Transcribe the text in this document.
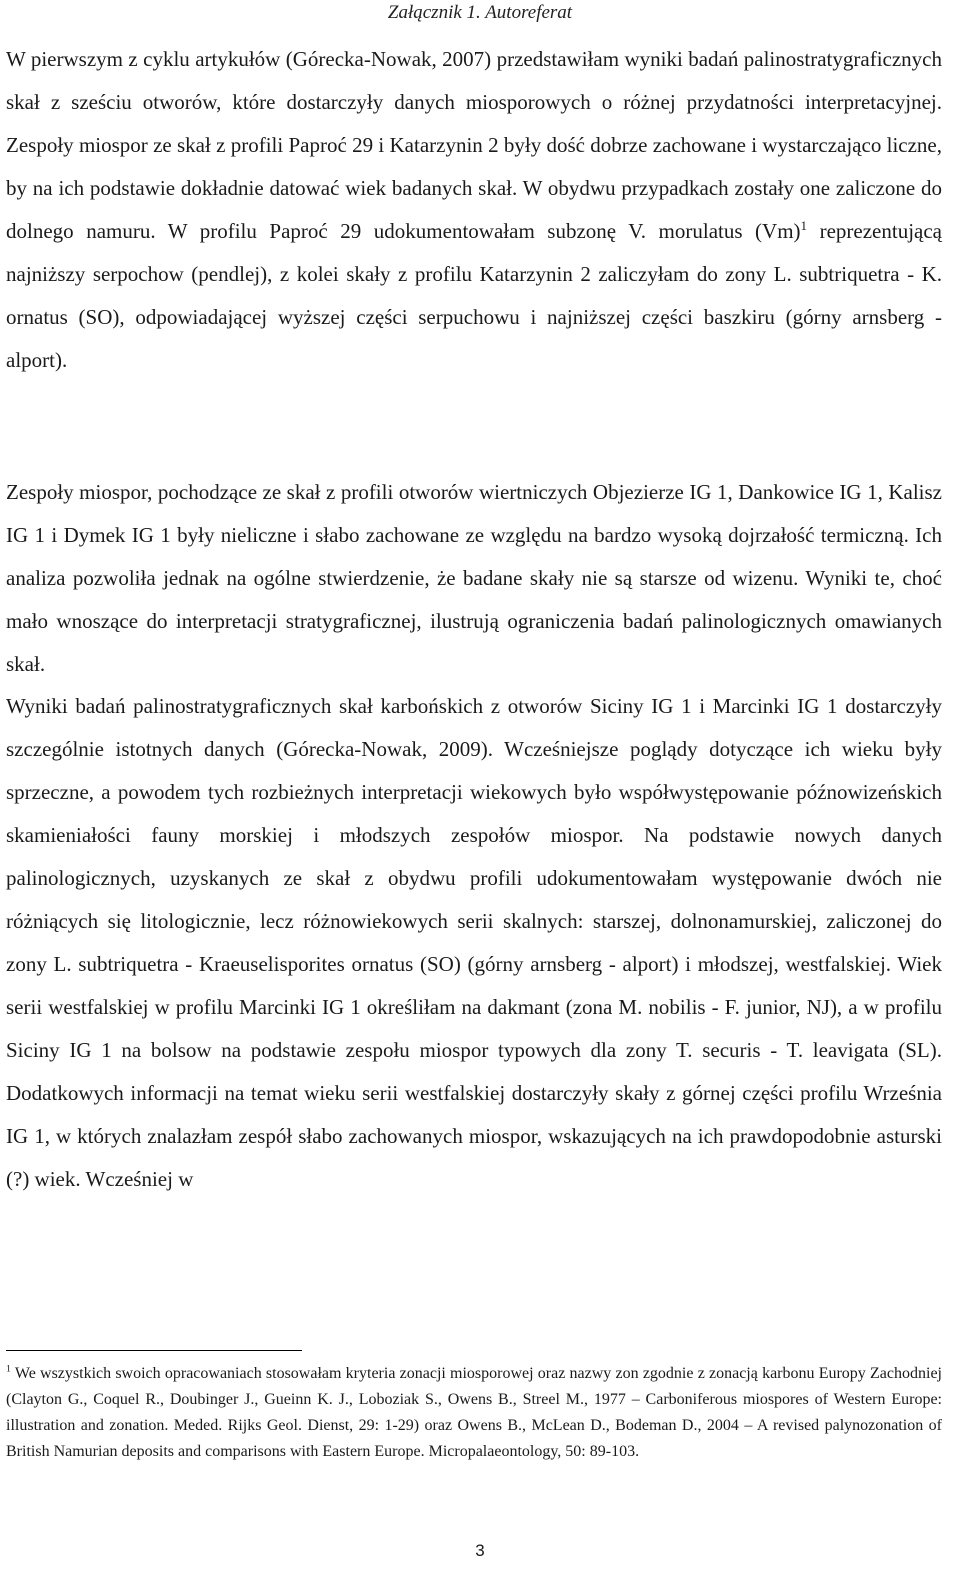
Załącznik 1. Autoreferat

W pierwszym z cyklu artykułów (Górecka-Nowak, 2007) przedstawiłam wyniki badań palinostratygraficznych skał z sześciu otworów, które dostarczyły danych miosporowych o różnej przydatności interpretacyjnej. Zespoły miospor ze skał z profili Paproć 29 i Katarzynin 2 były dość dobrze zachowane i wystarczająco liczne, by na ich podstawie dokładnie datować wiek badanych skał. W obydwu przypadkach zostały one zaliczone do dolnego namuru. W profilu Paproć 29 udokumentowałam subzonę V. morulatus $(Vm)^1$ reprezentującą najniższy serpochow (pendlej), z kolei skały z profilu Katarzynin 2 zaliczyłam do zony L. subtriquetra - K. ornatus (SO), odpowiadającej wyższej części serpuchowu i najniższej części baszkiru (górny arnsberg - alport).

Zespoły miospor, pochodzące ze skał z profili otworów wiertniczych Objezierze IG 1, Dankowice IG 1, Kalisz IG 1 i Dymek IG 1 były nieliczne i słabo zachowane ze względu na bardzo wysoką dojrzałość termiczną. Ich analiza pozwoliła jednak na ogólne stwierdzenie, że badane skały nie są starsze od wizenu. Wyniki te, choć mało wnoszące do interpretacji stratygraficznej, ilustrują ograniczenia badań palinologicznych omawianych skał.

Wyniki badań palinostratygraficznych skał karbońskich z otworów Siciny IG 1 i Marcinki IG 1 dostarczyły szczególnie istotnych danych (Górecka-Nowak, 2009). Wcześniejsze poglądy dotyczące ich wieku były sprzeczne, a powodem tych rozbieżnych interpretacji wiekowych było współwystępowanie późnowizeńskich skamieniałości fauny morskiej i młodszych zespołów miospor. Na podstawie nowych danych palinologicznych, uzyskanych ze skał z obydwu profili udokumentowałam występowanie dwóch nie różniących się litologicznie, lecz różnowiekowych serii skalnych: starszej, dolnonamurskiej, zaliczonej do zony L. subtriquetra - Kraeuselisporites ornatus (SO) (górny arnsberg - alport) i młodszej, westfalskiej. Wiek serii westfalskiej w profilu Marcinki IG 1 określiłam na dakmant (zona M. nobilis - F. junior, NJ), a w profilu Siciny IG 1 na bolsow na podstawie zespołu miospor typowych dla zony T. securis - T. leavigata (SL). Dodatkowych informacji na temat wieku serii westfalskiej dostarczyły skały z górnej części profilu Września IG 1, w których znalazłam zespół słabo zachowanych miospor, wskazujących na ich prawdopodobnie asturski (?) wiek. Wcześniej w

$^1$ We wszystkich swoich opracowaniach stosowałam kryteria zonacji miosporowej oraz nazwy zon zgodnie z zonacją karbonu Europy Zachodniej (Clayton G., Coquel R., Doubinger J., Gueinn K. J., Loboziak S., Owens B., Streel M., 1977 – Carboniferous miospores of Western Europe: illustration and zonation. Meded. Rijks Geol. Dienst, 29: 1-29) oraz Owens B., McLean D., Bodeman D., 2004 – A revised palynozonation of British Namurian deposits and comparisons with Eastern Europe. Micropalaeontology, 50: 89-103.

3
